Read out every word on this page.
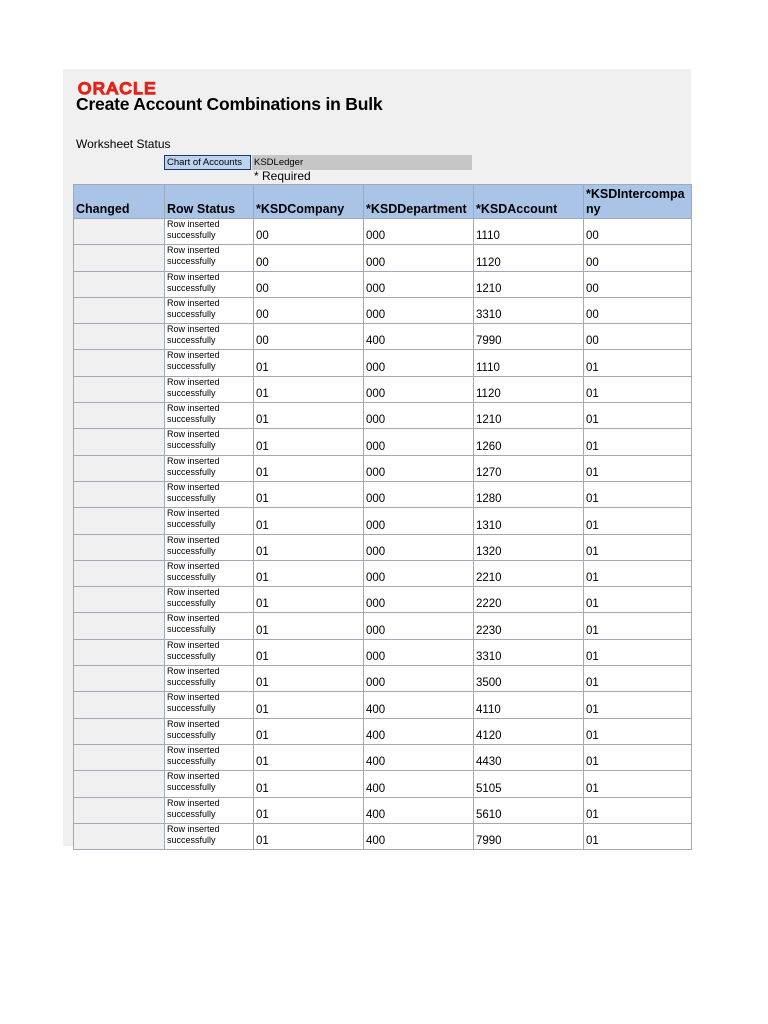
ORACLE
Create Account Combinations in Bulk
Worksheet Status
Chart of Accounts	KSDLedger
* Required
Changed	Row Status	*KSDCompany	*KSDDepartment	*KSDAccount	*KSDIntercompany
	Row inserted successfully	00	000	1110	00
	Row inserted successfully	00	000	1120	00
	Row inserted successfully	00	000	1210	00
	Row inserted successfully	00	000	3310	00
	Row inserted successfully	00	400	7990	00
	Row inserted successfully	01	000	1110	01
	Row inserted successfully	01	000	1120	01
	Row inserted successfully	01	000	1210	01
	Row inserted successfully	01	000	1260	01
	Row inserted successfully	01	000	1270	01
	Row inserted successfully	01	000	1280	01
	Row inserted successfully	01	000	1310	01
	Row inserted successfully	01	000	1320	01
	Row inserted successfully	01	000	2210	01
	Row inserted successfully	01	000	2220	01
	Row inserted successfully	01	000	2230	01
	Row inserted successfully	01	000	3310	01
	Row inserted successfully	01	000	3500	01
	Row inserted successfully	01	400	4110	01
	Row inserted successfully	01	400	4120	01
	Row inserted successfully	01	400	4430	01
	Row inserted successfully	01	400	5105	01
	Row inserted successfully	01	400	5610	01
	Row inserted successfully	01	400	7990	01
